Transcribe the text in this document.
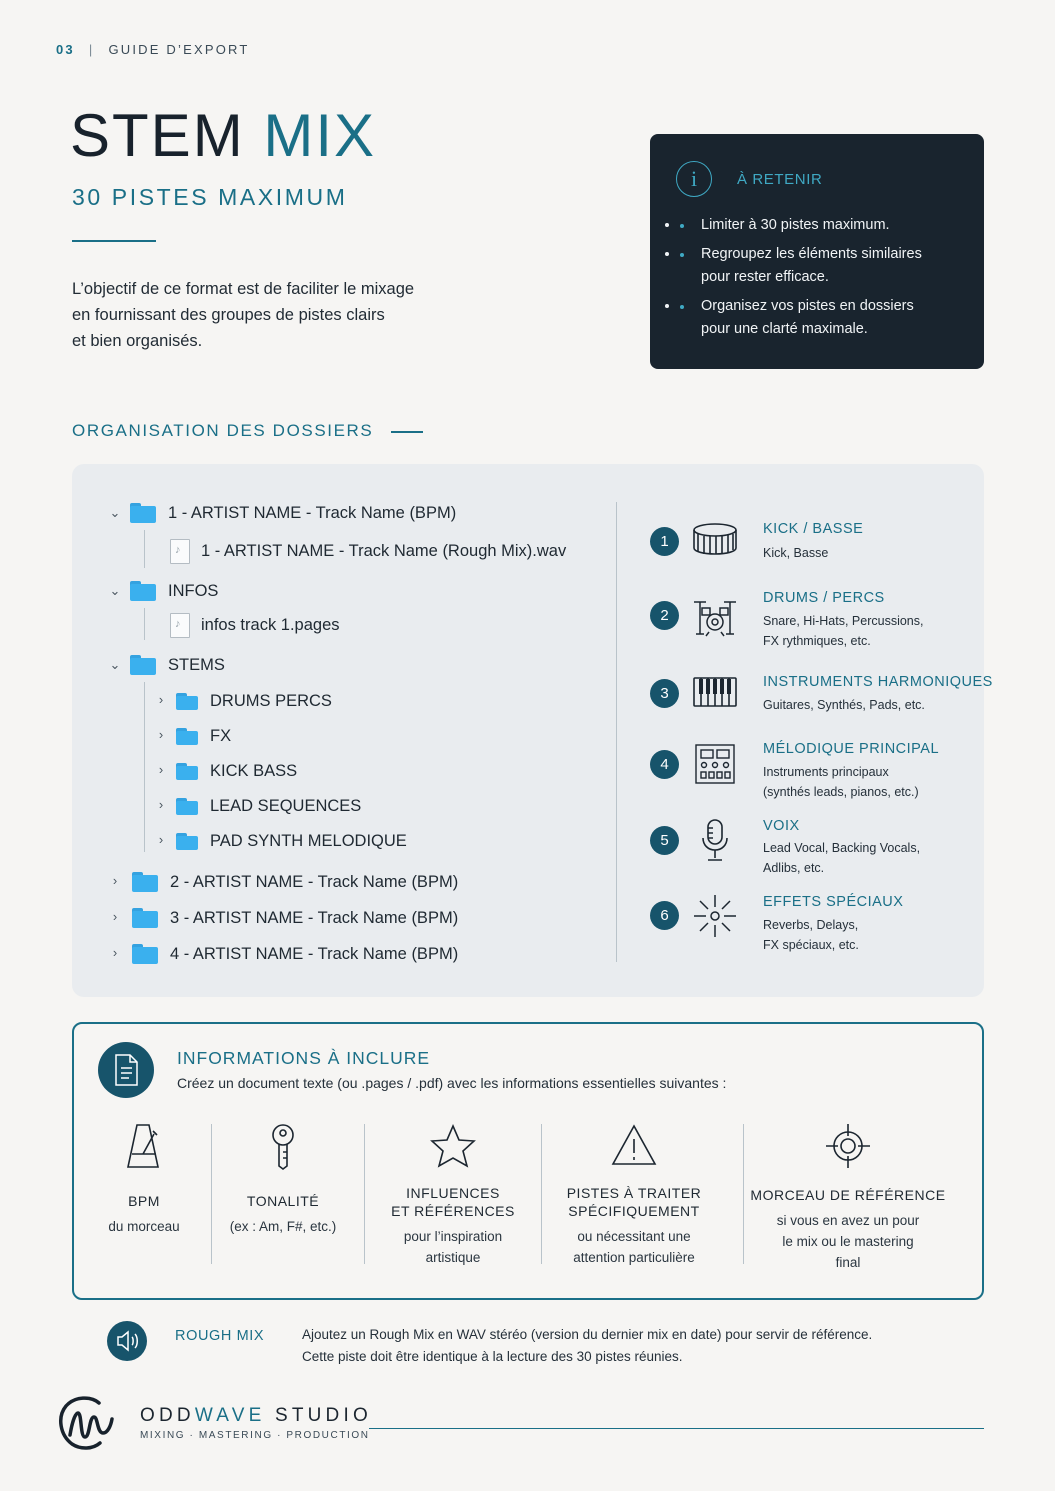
03 | GUIDE D’EXPORT
STEM MIX
30 PISTES MAXIMUM
L’objectif de ce format est de faciliter le mixage
en fournissant des groupes de pistes clairs
et bien organisés.
i	À RETENIR
• Limiter à 30 pistes maximum.
• Regroupez les éléments similaires
pour rester efficace.
• Organisez vos pistes en dossiers
pour une clarté maximale.
ORGANISATION DES DOSSIERS
⌄	1 - ARTIST NAME - Track Name (BPM)
♪
1 - ARTIST NAME - Track Name (Rough Mix).wav
⌄	INFOS
♪
infos track 1.pages
⌄	STEMS
›	DRUMS PERCS
›	FX
›	KICK BASS
›	LEAD SEQUENCES
›	PAD SYNTH MELODIQUE
›	2 - ARTIST NAME - Track Name (BPM)
›	3 - ARTIST NAME - Track Name (BPM)
›	4 - ARTIST NAME - Track Name (BPM)
1
KICK / BASSE
Kick, Basse
2
DRUMS / PERCS
Snare, Hi-Hats, Percussions,
FX rythmiques, etc.
3
INSTRUMENTS HARMONIQUES
Guitares, Synthés, Pads, etc.
4
MÉLODIQUE PRINCIPAL
Instruments principaux
(synthés leads, pianos, etc.)
5
VOIX
Lead Vocal, Backing Vocals,
Adlibs, etc.
6
EFFETS SPÉCIAUX
Reverbs, Delays,
FX spéciaux, etc.
INFORMATIONS À INCLURE
Créez un document texte (ou .pages / .pdf) avec les informations essentielles suivantes :
BPM
du morceau
TONALITÉ
(ex : Am, F#, etc.)
INFLUENCES
ET RÉFÉRENCES
pour l’inspiration
artistique
PISTES À TRAITER
SPÉCIFIQUEMENT
ou nécessitant une
attention particulière
MORCEAU DE RÉFÉRENCE
si vous en avez un pour
le mix ou le mastering
final
ROUGH MIX	Ajoutez un Rough Mix en WAV stéréo (version du dernier mix en date) pour servir de référence.
Cette piste doit être identique à la lecture des 30 pistes réunies.
ODDWAVE STUDIO
MIXING · MASTERING · PRODUCTION
